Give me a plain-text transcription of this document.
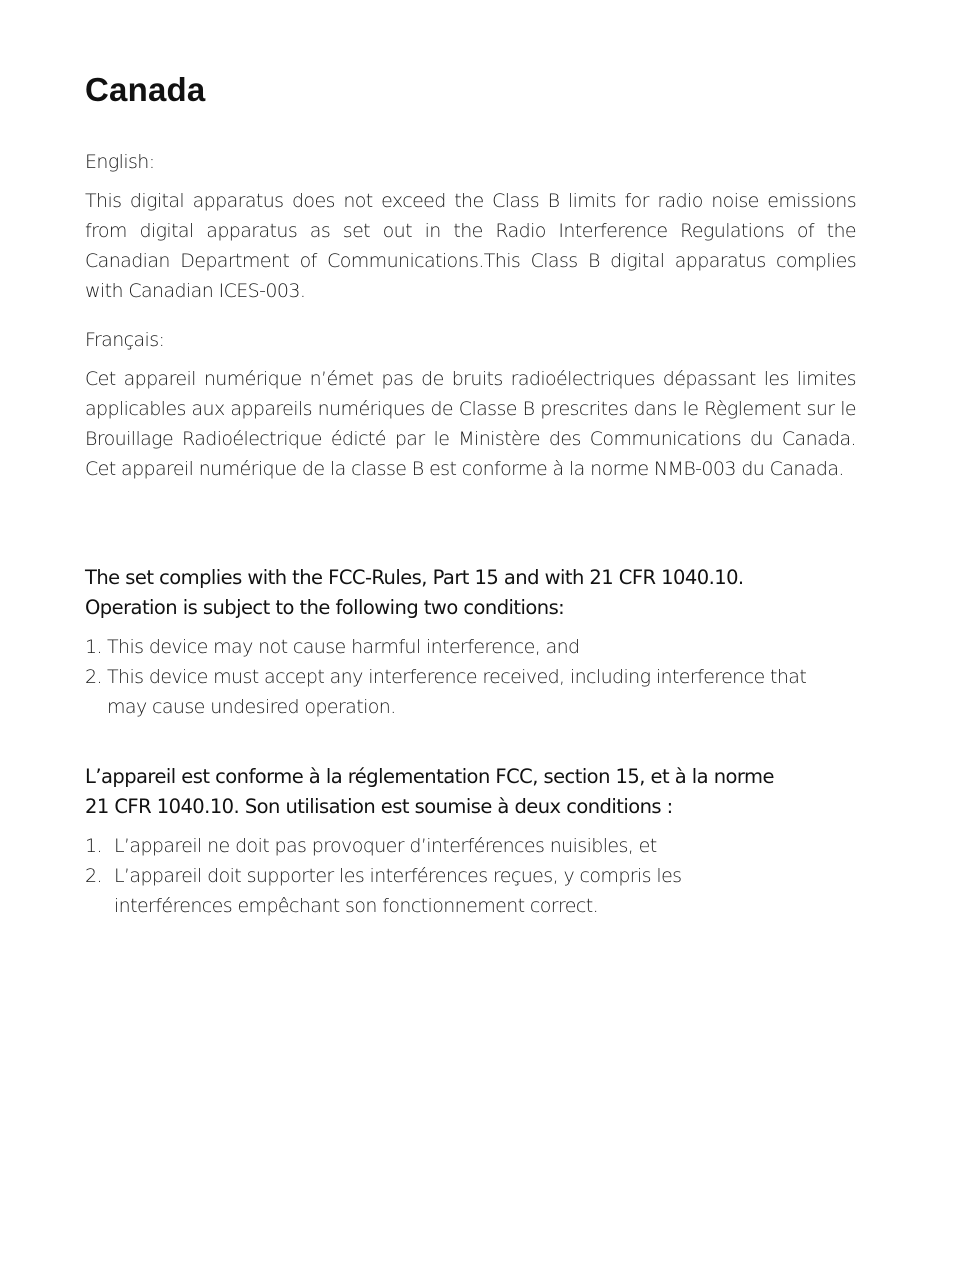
Canada

English:

This digital apparatus does not exceed the Class B limits for radio noise emissions from digital apparatus as set out in the Radio Interference Regulations of the Canadian Department of Communications.This Class B digital apparatus complies with Canadian ICES-003.

Français:

Cet appareil numérique n’émet pas de bruits radioélectriques dépassant les limites applicables aux appareils numériques de Classe B prescrites dans le Règlement sur le Brouillage Radioélectrique édicté par le Ministère des Communications du Canada. Cet appareil numérique de la classe B est conforme à la norme NMB-003 du Canada.

The set complies with the FCC-Rules, Part 15 and with 21 CFR 1040.10.
Operation is subject to the following two conditions:
1. This device may not cause harmful interference, and
2. This device must accept any interference received, including interference that may cause undesired operation.
L’appareil est conforme à la réglementation FCC, section 15, et à la norme
21 CFR 1040.10. Son utilisation est soumise à deux conditions :
1. L’appareil ne doit pas provoquer d’interférences nuisibles, et
2. L’appareil doit supporter les interférences reçues, y compris les interférences empêchant son fonctionnement correct.
